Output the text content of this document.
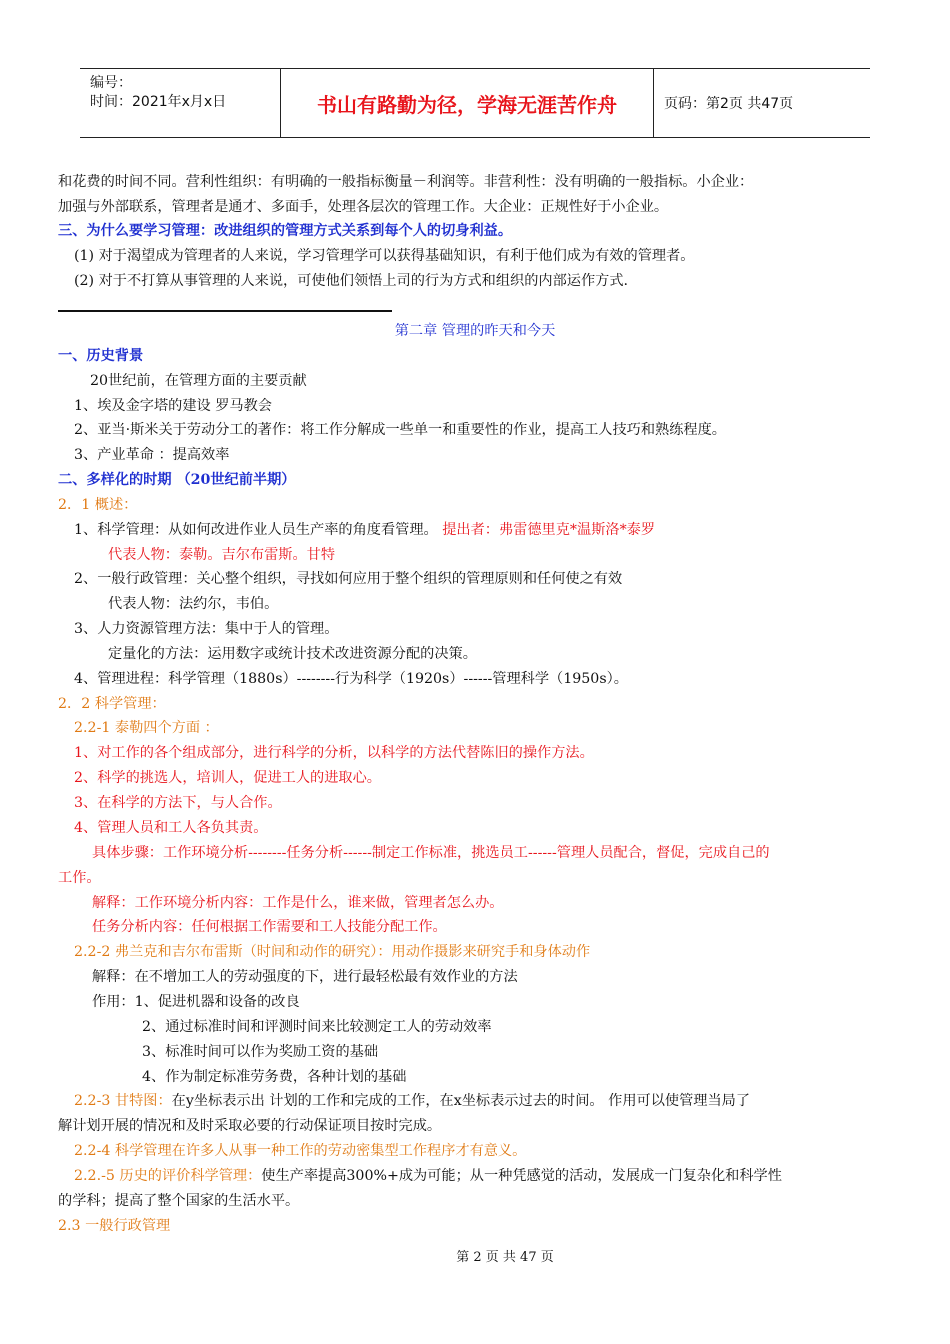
编号：
时间：2021年x月x日	书山有路勤为径，学海无涯苦作舟	页码：第2页 共47页
和花费的时间不同。营利性组织：有明确的一般指标衡量－利润等。非营利性：没有明确的一般指标。小企业：
加强与外部联系，管理者是通才、多面手，处理各层次的管理工作。大企业：正规性好于小企业。
三、为什么要学习管理：改进组织的管理方式关系到每个人的切身利益。
(1) 对于渴望成为管理者的人来说，学习管理学可以获得基础知识，有利于他们成为有效的管理者。
(2) 对于不打算从事管理的人来说，可使他们领悟上司的行为方式和组织的内部运作方式.
第二章 管理的昨天和今天
一、历史背景
20世纪前，在管理方面的主要贡献
1、埃及金字塔的建设 罗马教会
2、亚当·斯米关于劳动分工的著作：将工作分解成一些单一和重要性的作业，提高工人技巧和熟练程度。
3、产业革命 ：提高效率
二、多样化的时期 （20世纪前半期）
2．1 概述：
1、科学管理：从如何改进作业人员生产率的角度看管理。 提出者：弗雷德里克*温斯洛*泰罗
代表人物：泰勒。吉尔布雷斯。甘特
2、一般行政管理：关心整个组织，寻找如何应用于整个组织的管理原则和任何使之有效
代表人物：法约尔，韦伯。
3、人力资源管理方法：集中于人的管理。
定量化的方法：运用数字或统计技术改进资源分配的决策。
4、管理进程：科学管理（1880s）--------行为科学（1920s）------管理科学（1950s）。
2．2 科学管理：
2.2-1 泰勒四个方面 ：
1、对工作的各个组成部分，进行科学的分析，以科学的方法代替陈旧的操作方法。
2、科学的挑选人，培训人，促进工人的进取心。
3、在科学的方法下，与人合作。
4、管理人员和工人各负其责。
具体步骤：工作环境分析--------任务分析------制定工作标准，挑选员工------管理人员配合，督促，完成自己的
工作。
解释：工作环境分析内容：工作是什么，谁来做，管理者怎么办。
任务分析内容：任何根据工作需要和工人技能分配工作。
2.2-2 弗兰克和吉尔布雷斯（时间和动作的研究）：用动作摄影来研究手和身体动作
解释：在不增加工人的劳动强度的下，进行最轻松最有效作业的方法
作用：1、促进机器和设备的改良
2、通过标准时间和评测时间来比较测定工人的劳动效率
3、标准时间可以作为奖励工资的基础
4、作为制定标准劳务费，各种计划的基础
2.2-3 甘特图：在y坐标表示出 计划的工作和完成的工作，在x坐标表示过去的时间。 作用可以使管理当局了
解计划开展的情况和及时采取必要的行动保证项目按时完成。
2.2-4 科学管理在许多人从事一种工作的劳动密集型工作程序才有意义。
2.2.-5 历史的评价科学管理：使生产率提高300%+成为可能；从一种凭感觉的活动，发展成一门复杂化和科学性
的学科；提高了整个国家的生活水平。
2.3 一般行政管理
第 2 页 共 47 页
